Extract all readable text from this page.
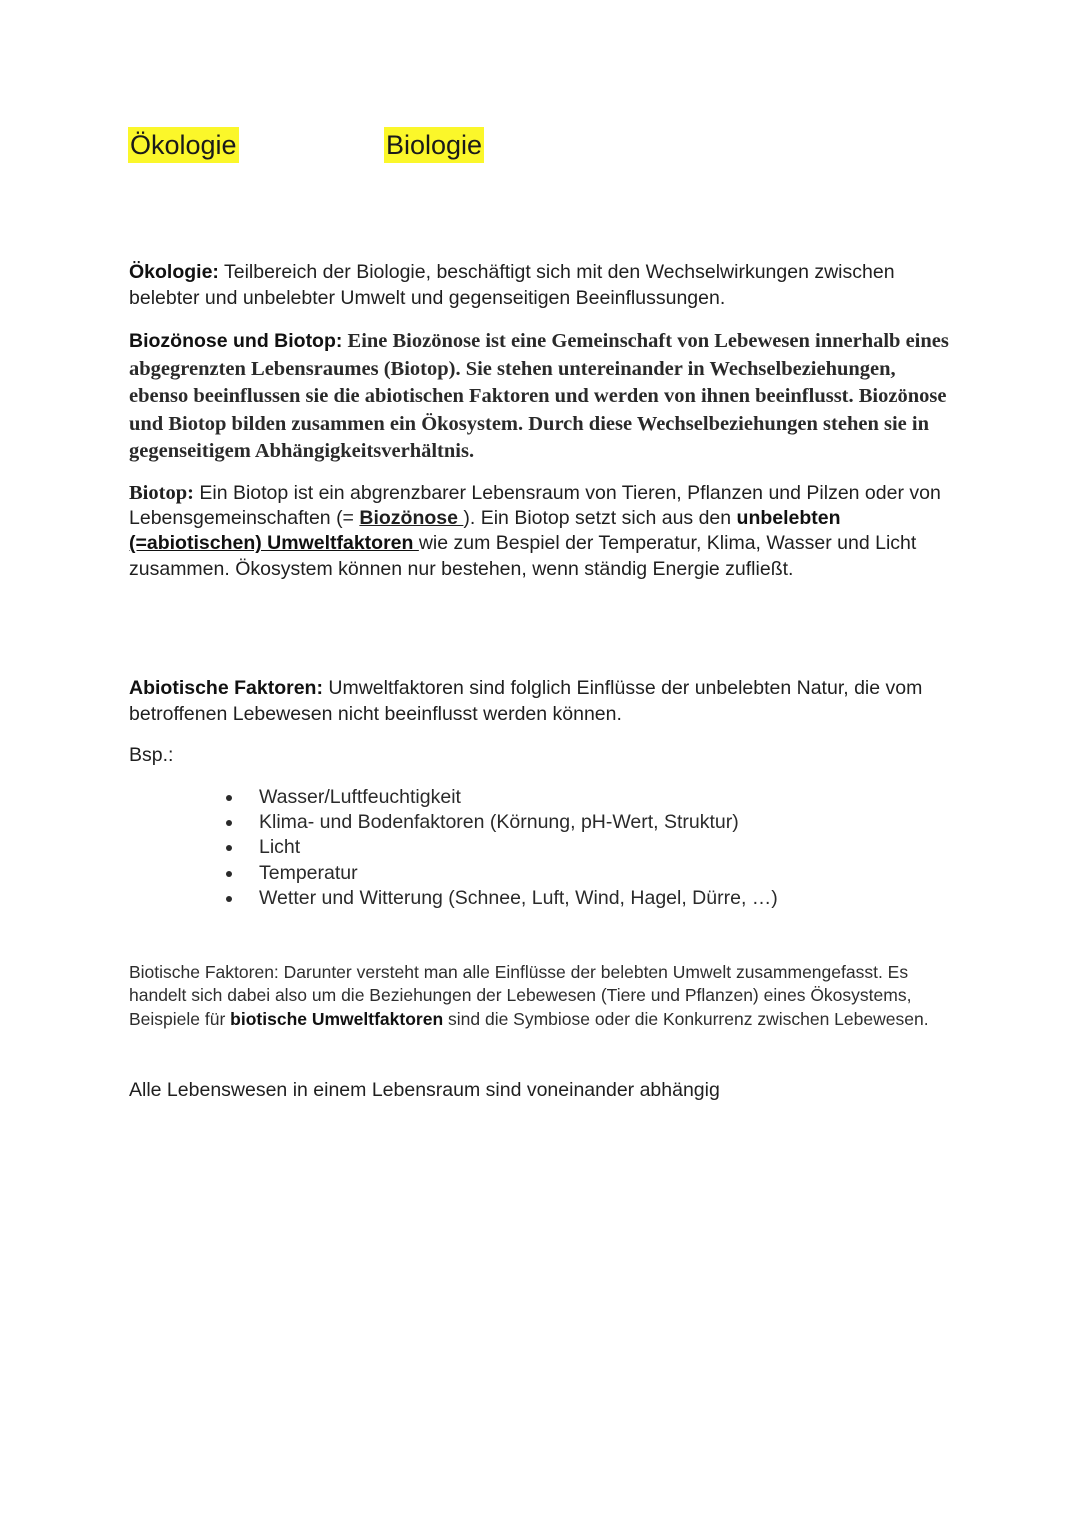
Ökologie	Biologie

Ökologie: Teilbereich der Biologie, beschäftigt sich mit den Wechselwirkungen zwischen belebter und unbelebter Umwelt und gegenseitigen Beeinflussungen.

Biozönose und Biotop: Eine Biozönose ist eine Gemeinschaft von Lebewesen innerhalb eines abgegrenzten Lebensraumes (Biotop). Sie stehen untereinander in Wechselbeziehungen, ebenso beeinflussen sie die abiotischen Faktoren und werden von ihnen beeinflusst. Biozönose und Biotop bilden zusammen ein Ökosystem. Durch diese Wechselbeziehungen stehen sie in gegenseitigem Abhängigkeitsverhältnis.

Biotop: Ein Biotop ist ein abgrenzbarer Lebensraum von Tieren, Pflanzen und Pilzen oder von Lebensgemeinschaften (= Biozönose ). Ein Biotop setzt sich aus den unbelebten (=abiotischen) Umweltfaktoren wie zum Bespiel der Temperatur, Klima, Wasser und Licht zusammen. Ökosystem können nur bestehen, wenn ständig Energie zufließt.

Abiotische Faktoren: Umweltfaktoren sind folglich Einflüsse der unbelebten Natur, die vom betroffenen Lebewesen nicht beeinflusst werden können.

Bsp.:

Wasser/Luftfeuchtigkeit
Klima- und Bodenfaktoren (Körnung, pH-Wert, Struktur)
Licht
Temperatur
Wetter und Witterung (Schnee, Luft, Wind, Hagel, Dürre, …)

Biotische Faktoren: Darunter versteht man alle Einflüsse der belebten Umwelt zusammengefasst. Es handelt sich dabei also um die Beziehungen der Lebewesen (Tiere und Pflanzen) eines Ökosystems, Beispiele für biotische Umweltfaktoren sind die Symbiose oder die Konkurrenz zwischen Lebewesen.

Alle Lebenswesen in einem Lebensraum sind voneinander abhängig
